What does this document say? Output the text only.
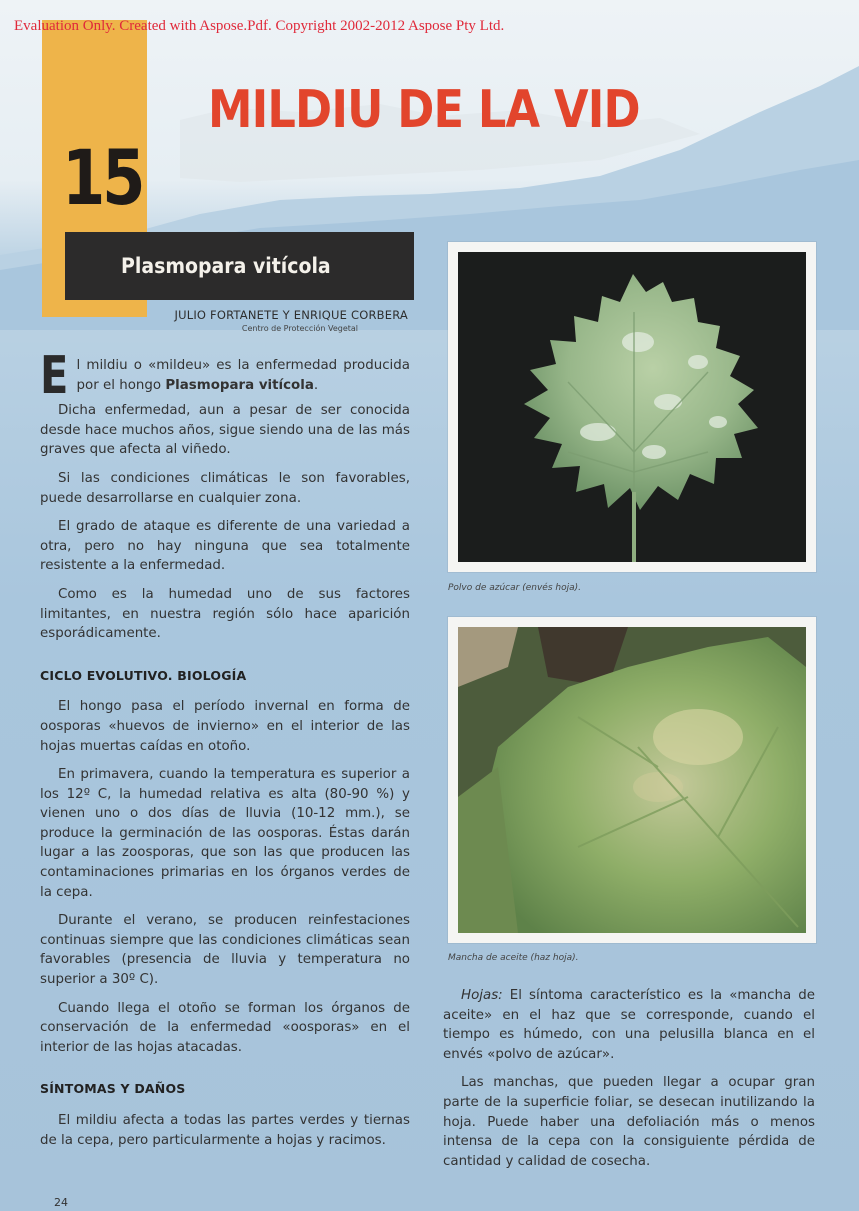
Evaluation Only. Created with Aspose.Pdf. Copyright 2002-2012 Aspose Pty Ltd.
15
MILDIU DE LA VID
Plasmopara vitícola
JULIO FORTANETE Y ENRIQUE CORBERA
Centro de Protección Vegetal

El mildiu o «mildeu» es la enfermedad producida por el hongo Plasmopara vitícola.

Dicha enfermedad, aun a pesar de ser conocida desde hace muchos años, sigue siendo una de las más graves que afecta al viñedo.

Si las condiciones climáticas le son favorables, puede desarrollarse en cualquier zona.

El grado de ataque es diferente de una variedad a otra, pero no hay ninguna que sea totalmente resistente a la enfermedad.

Como es la humedad uno de sus factores limitantes, en nuestra región sólo hace aparición esporádicamente.

CICLO EVOLUTIVO. BIOLOGÍA

El hongo pasa el período invernal en forma de oosporas «huevos de invierno» en el interior de las hojas muertas caídas en otoño.

En primavera, cuando la temperatura es superior a los 12º C, la humedad relativa es alta (80-90 %) y vienen uno o dos días de lluvia (10-12 mm.), se produce la germinación de las oosporas. Éstas darán lugar a las zoosporas, que son las que producen las contaminaciones primarias en los órganos verdes de la cepa.

Durante el verano, se producen reinfestaciones continuas siempre que las condiciones climáticas sean favorables (presencia de lluvia y temperatura no superior a 30º C).

Cuando llega el otoño se forman los órganos de conservación de la enfermedad «oosporas» en el interior de las hojas atacadas.

SÍNTOMAS Y DAÑOS

El mildiu afecta a todas las partes verdes y tiernas de la cepa, pero particularmente a hojas y racimos.

Polvo de azúcar (envés hoja).
Mancha de aceite (haz hoja).

Hojas: El síntoma característico es la «mancha de aceite» en el haz que se corresponde, cuando el tiempo es húmedo, con una pelusilla blanca en el envés «polvo de azúcar».

Las manchas, que pueden llegar a ocupar gran parte de la superficie foliar, se desecan inutilizando la hoja. Puede haber una defoliación más o menos intensa de la cepa con la consiguiente pérdida de cantidad y calidad de cosecha.

24
